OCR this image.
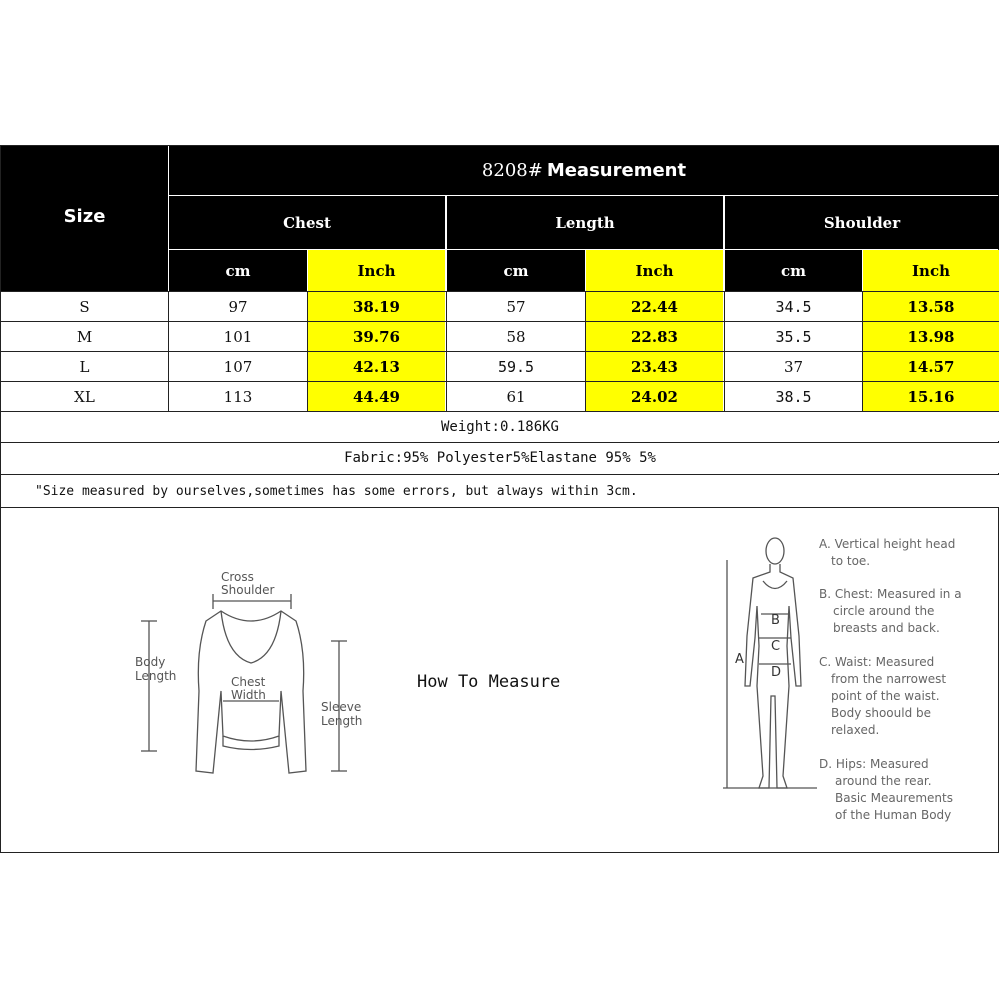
Size
8208# Measurement
Chest	Length	Shoulder
cm	Inch	cm	Inch	cm	Inch
S	97	38.19	57	22.44	34.5	13.58
M	101	39.76	58	22.83	35.5	13.98
L	107	42.13	59.5	23.43	37	14.57
XL	113	44.49	61	24.02	38.5	15.16
Weight:0.186KG
Fabric:95% Polyester5%Elastane 95% 5%
"Size measured by ourselves,sometimes has some errors, but always within 3cm.
Cross
Shoulder
Body
Length	Chest
Width
Sleeve
Length
How To Measure
B
C
D
A
A. Vertical height head
to toe.
B. Chest: Measured in a
circle around the
breasts and back.
C. Waist: Measured
from the narrowest
point of the waist.
Body shoould be
relaxed.
D. Hips: Measured
around the rear.
Basic Meaurements
of the Human Body
